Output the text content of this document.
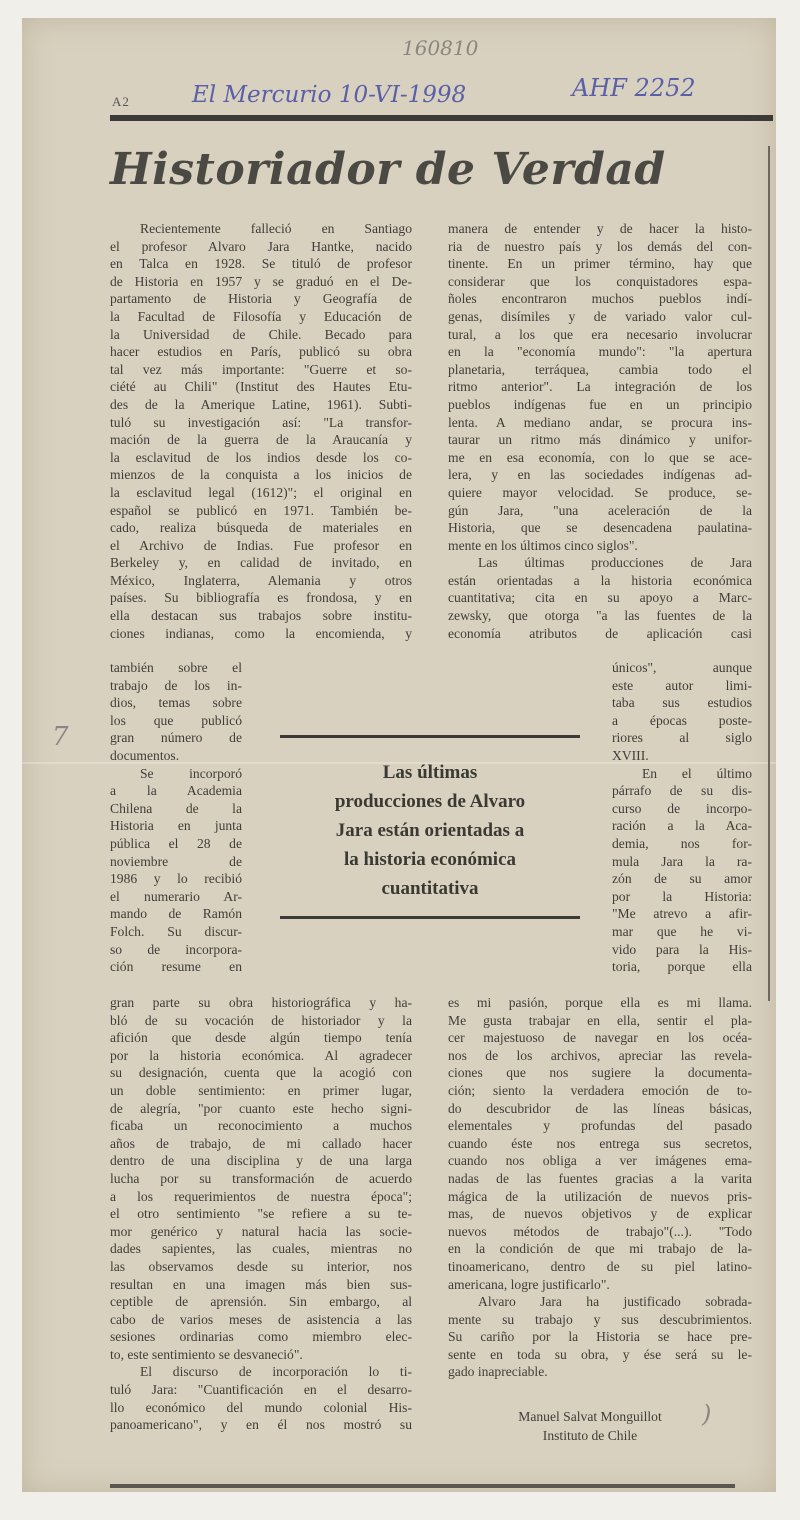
160810
El Mercurio 10-VI-1998	AHF 2252
7
)
A2
Historiador de Verdad
Recientemente falleció en Santiago
el profesor Alvaro Jara Hantke, nacido
en Talca en 1928. Se tituló de profesor
de Historia en 1957 y se graduó en el De-
partamento de Historia y Geografía de
la Facultad de Filosofía y Educación de
la Universidad de Chile. Becado para
hacer estudios en París, publicó su obra
tal vez más importante: "Guerre et so-
ciété au Chili" (Institut des Hautes Etu-
des de la Amerique Latine, 1961). Subti-
tuló su investigación así: "La transfor-
mación de la guerra de la Araucanía y
la esclavitud de los indios desde los co-
mienzos de la conquista a los inicios de
la esclavitud legal (1612)"; el original en
español se publicó en 1971. También be-
cado, realiza búsqueda de materiales en
el Archivo de Indias. Fue profesor en
Berkeley y, en calidad de invitado, en
México, Inglaterra, Alemania y otros
países. Su bibliografía es frondosa, y en
ella destacan sus trabajos sobre institu-
ciones indianas, como la encomienda, y
también sobre el
trabajo de los in-
dios, temas sobre
los que publicó
gran número de
documentos.
Se incorporó
a la Academia
Chilena de la
Historia en junta
pública el 28 de
noviembre de
1986 y lo recibió
el numerario Ar-
mando de Ramón
Folch. Su discur-
so de incorpora-
ción resume en
gran parte su obra historiográfica y ha-
bló de su vocación de historiador y la
afición que desde algún tiempo tenía
por la historia económica. Al agradecer
su designación, cuenta que la acogió con
un doble sentimiento: en primer lugar,
de alegría, "por cuanto este hecho signi-
ficaba un reconocimiento a muchos
años de trabajo, de mi callado hacer
dentro de una disciplina y de una larga
lucha por su transformación de acuerdo
a los requerimientos de nuestra época";
el otro sentimiento "se refiere a su te-
mor genérico y natural hacia las socie-
dades sapientes, las cuales, mientras no
las observamos desde su interior, nos
resultan en una imagen más bien sus-
ceptible de aprensión. Sin embargo, al
cabo de varios meses de asistencia a las
sesiones ordinarias como miembro elec-
to, este sentimiento se desvaneció".
El discurso de incorporación lo ti-
tuló Jara: "Cuantificación en el desarro-
llo económico del mundo colonial His-
panoamericano", y en él nos mostró su
manera de entender y de hacer la histo-
ria de nuestro país y los demás del con-
tinente. En un primer término, hay que
considerar que los conquistadores espa-
ñoles encontraron muchos pueblos indí-
genas, disímiles y de variado valor cul-
tural, a los que era necesario involucrar
en la "economía mundo": "la apertura
planetaria, terráquea, cambia todo el
ritmo anterior". La integración de los
pueblos indígenas fue en un principio
lenta. A mediano andar, se procura ins-
taurar un ritmo más dinámico y unifor-
me en esa economía, con lo que se ace-
lera, y en las sociedades indígenas ad-
quiere mayor velocidad. Se produce, se-
gún Jara, "una aceleración de la
Historia, que se desencadena paulatina-
mente en los últimos cinco siglos".
Las últimas producciones de Jara
están orientadas a la historia económica
cuantitativa; cita en su apoyo a Marc-
zewsky, que otorga "a las fuentes de la
economía atributos de aplicación casi
únicos", aunque
este autor limi-
taba sus estudios
a épocas poste-
riores al siglo
XVIII.
En el último
párrafo de su dis-
curso de incorpo-
ración a la Aca-
demia, nos for-
mula Jara la ra-
zón de su amor
por la Historia:
"Me atrevo a afir-
mar que he vi-
vido para la His-
toria, porque ella
es mi pasión, porque ella es mi llama.
Me gusta trabajar en ella, sentir el pla-
cer majestuoso de navegar en los océa-
nos de los archivos, apreciar las revela-
ciones que nos sugiere la documenta-
ción; siento la verdadera emoción de to-
do descubridor de las líneas básicas,
elementales y profundas del pasado
cuando éste nos entrega sus secretos,
cuando nos obliga a ver imágenes ema-
nadas de las fuentes gracias a la varita
mágica de la utilización de nuevos pris-
mas, de nuevos objetivos y de explicar
nuevos métodos de trabajo"(...). "Todo
en la condición de que mi trabajo de la-
tinoamericano, dentro de su piel latino-
americana, logre justificarlo".
Alvaro Jara ha justificado sobrada-
mente su trabajo y sus descubrimientos.
Su cariño por la Historia se hace pre-
sente en toda su obra, y ése será su le-
gado inapreciable.
Las últimas
producciones de Alvaro
Jara están orientadas a
la historia económica
cuantitativa
Manuel Salvat Monguillot
Instituto de Chile
